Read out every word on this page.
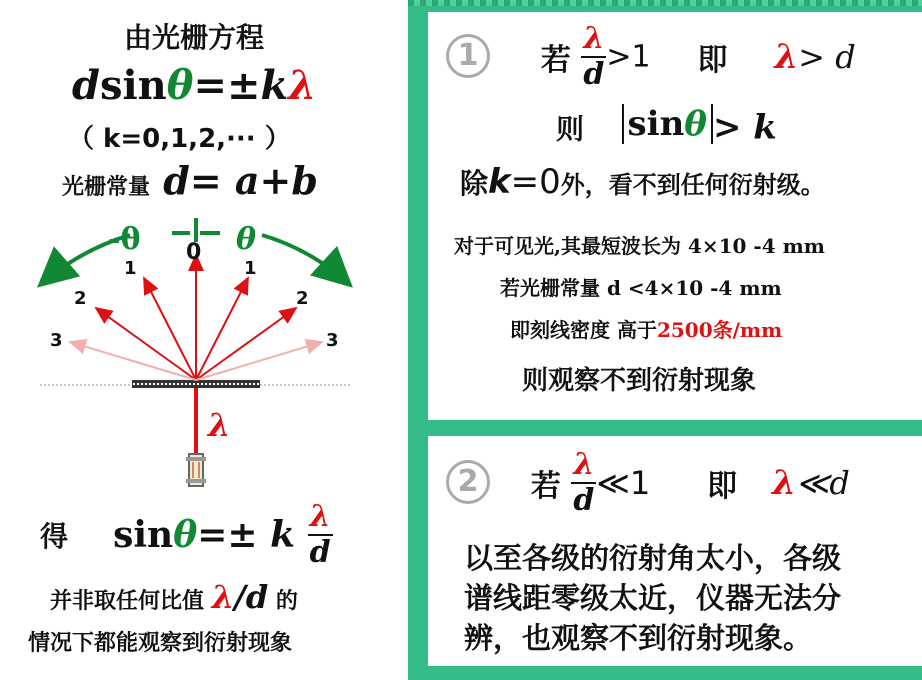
由光栅方程
dsinθ=±kλ
（ k=0,1,2,··· ）
光栅常量 d= a+b
-θ	θ
0
1	1
2	2
3	3
λ
得 sinθ=± k $\frac{\lambda}{d}$
并非取任何比值 λ/d 的
情况下都能观察到衍射现象
1 若 $\frac{\lambda}{d} >1$ 即 λ> d
则 sinθ > k
除k=0外，看不到任何衍射级。
对于可见光,其最短波长为 4×10 -4 mm
若光栅常量 d <4×10 -4 mm
即刻线密度 高于2500条/mm
则观察不到衍射现象
2 若 $\frac{\lambda}{d}$ ≪1 即 λ≪d
以至各级的衍射角太小，各级
谱线距零级太近，仪器无法分
辨，也观察不到衍射现象。
